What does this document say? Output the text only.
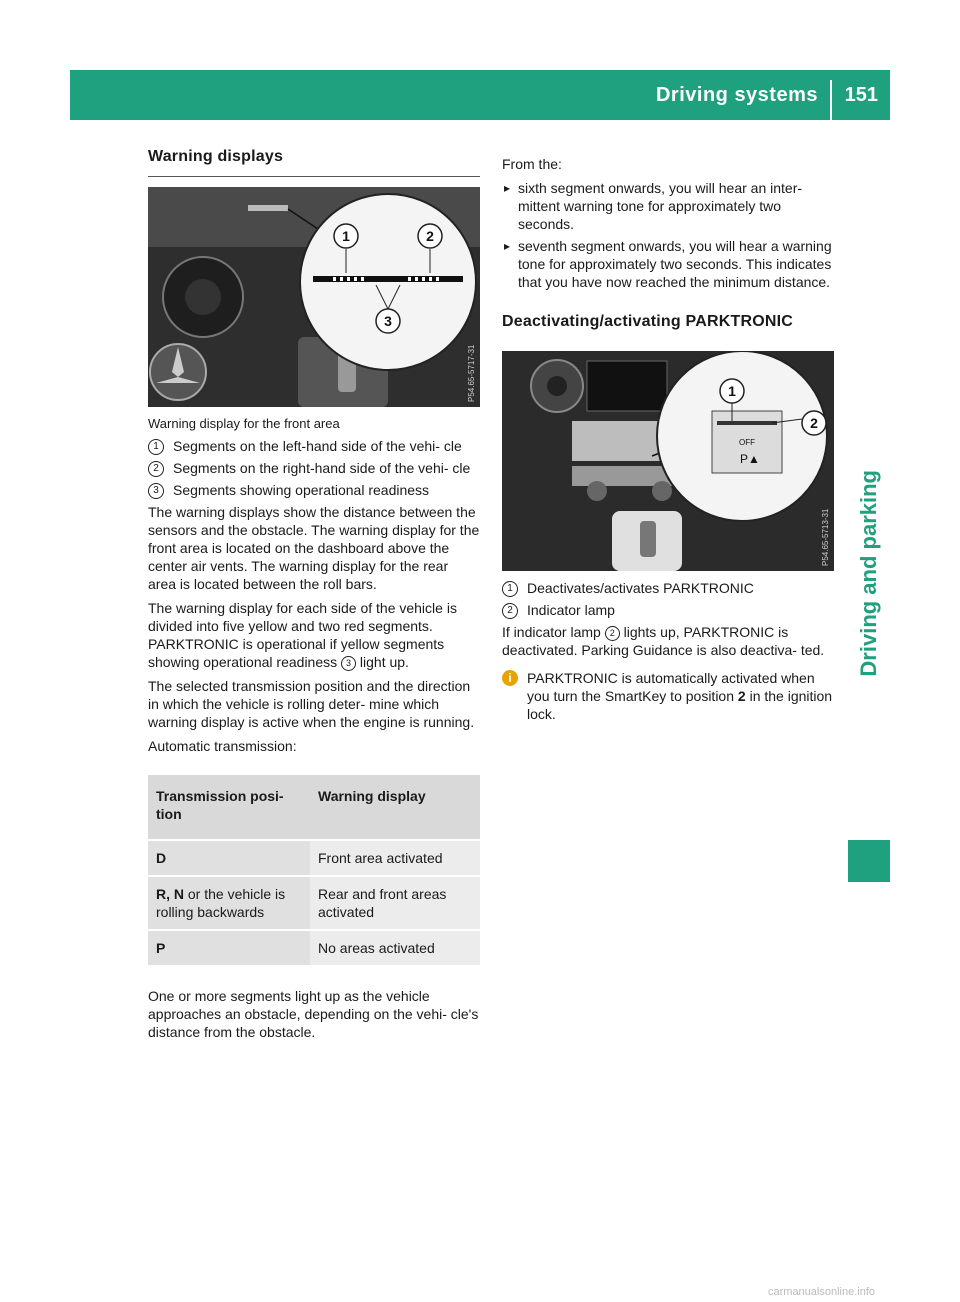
Driving systems 151
Driving and parking
Warning displays
1	2
3
P54.65-5717-31
Warning display for the front area
1	Segments on the left-hand side of the vehi- cle
2	Segments on the right-hand side of the vehi- cle
3	Segments showing operational readiness

The warning displays show the distance between the sensors and the obstacle. The warning display for the front area is located on the dashboard above the center air vents. The warning display for the rear area is located between the roll bars.

The warning display for each side of the vehicle is divided into five yellow and two red segments. PARKTRONIC is operational if yellow segments showing operational readiness 3 light up.

The selected transmission position and the direction in which the vehicle is rolling deter- mine which warning display is active when the engine is running.

Automatic transmission:

Transmission posi- tion	Warning display
D	Front area activated
R, N or the vehicle is rolling backwards	Rear and front areas activated
P	No areas activated

One or more segments light up as the vehicle approaches an obstacle, depending on the vehi- cle's distance from the obstacle.

From the:

▸ sixth segment onwards, you will hear an inter- mittent warning tone for approximately two seconds.
▸ seventh segment onwards, you will hear a warning tone for approximately two seconds. This indicates that you have now reached the minimum distance.
Deactivating/activating PARKTRONIC
OFF
P▲
1
2
P54.65-5713-31
1	Deactivates/activates PARKTRONIC
2	Indicator lamp

If indicator lamp 2 lights up, PARKTRONIC is deactivated. Parking Guidance is also deactiva- ted.

i	PARKTRONIC is automatically activated when you turn the SmartKey to position 2 in the ignition lock.
carmanualsonline.info
